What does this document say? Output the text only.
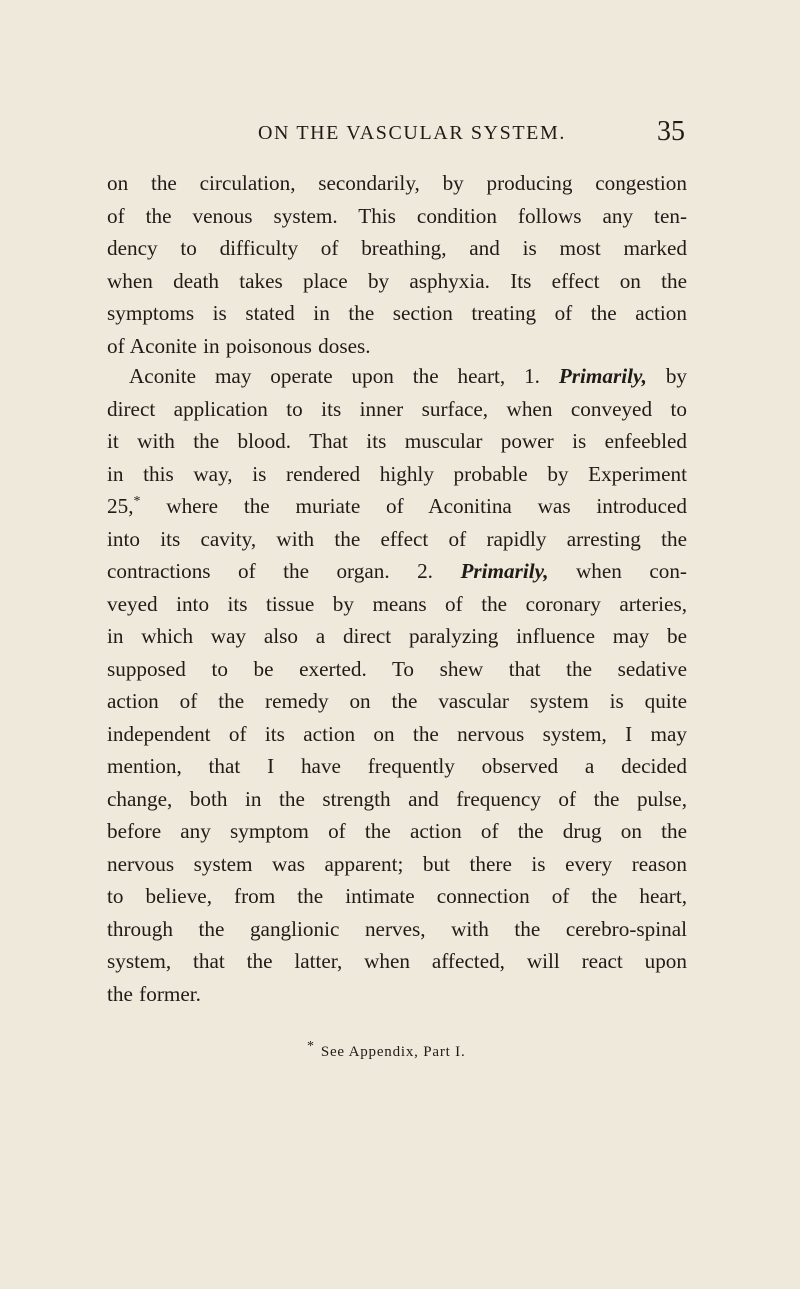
ON THE VASCULAR SYSTEM.	35

on the circulation, secondarily, by producing congestion
of the venous system. This condition follows any ten-
dency to difficulty of breathing, and is most marked
when death takes place by asphyxia. Its effect on the
symptoms is stated in the section treating of the action
of Aconite in poisonous doses.

Aconite may operate upon the heart, 1. Primarily, by
direct application to its inner surface, when conveyed to
it with the blood. That its muscular power is enfeebled
in this way, is rendered highly probable by Experiment
25,* where the muriate of Aconitina was introduced
into its cavity, with the effect of rapidly arresting the
contractions of the organ. 2. Primarily, when con-
veyed into its tissue by means of the coronary arteries,
in which way also a direct paralyzing influence may be
supposed to be exerted. To shew that the sedative
action of the remedy on the vascular system is quite
independent of its action on the nervous system, I may
mention, that I have frequently observed a decided
change, both in the strength and frequency of the pulse,
before any symptom of the action of the drug on the
nervous system was apparent; but there is every reason
to believe, from the intimate connection of the heart,
through the ganglionic nerves, with the cerebro-spinal
system, that the latter, when affected, will react upon
the former.

* See Appendix, Part I.
